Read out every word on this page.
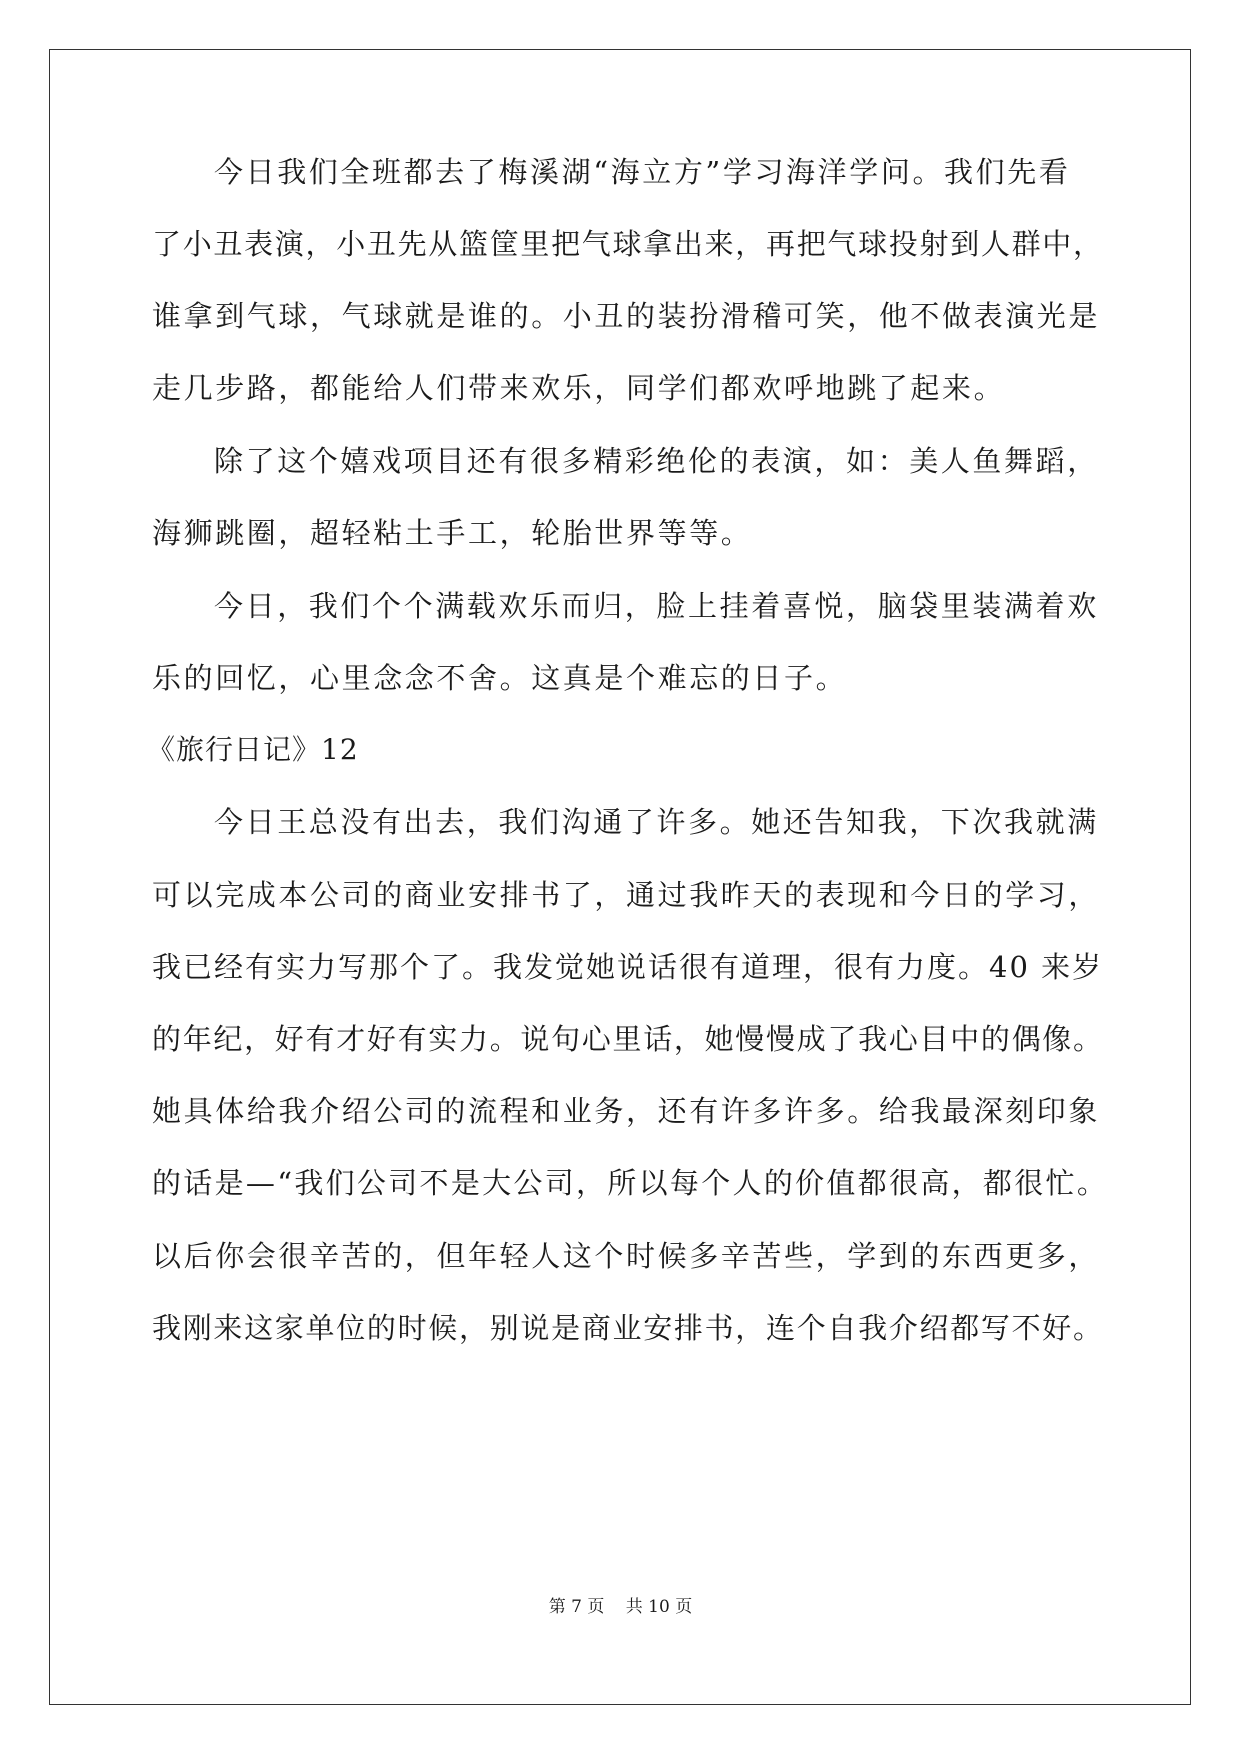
今日我们全班都去了梅溪湖“海立方”学习海洋学问。我们先看
了小丑表演，小丑先从篮筐里把气球拿出来，再把气球投射到人群中，
谁拿到气球，气球就是谁的。小丑的装扮滑稽可笑，他不做表演光是
走几步路，都能给人们带来欢乐，同学们都欢呼地跳了起来。
除了这个嬉戏项目还有很多精彩绝伦的表演，如：美人鱼舞蹈，
海狮跳圈，超轻粘土手工，轮胎世界等等。
今日，我们个个满载欢乐而归，脸上挂着喜悦，脑袋里装满着欢
乐的回忆，心里念念不舍。这真是个难忘的日子。
《旅行日记》12
今日王总没有出去，我们沟通了许多。她还告知我，下次我就满
可以完成本公司的商业安排书了，通过我昨天的表现和今日的学习，
我已经有实力写那个了。我发觉她说话很有道理，很有力度。40 来岁
的年纪，好有才好有实力。说句心里话，她慢慢成了我心目中的偶像。
她具体给我介绍公司的流程和业务，还有许多许多。给我最深刻印象
的话是—“我们公司不是大公司，所以每个人的价值都很高，都很忙。
以后你会很辛苦的，但年轻人这个时候多辛苦些，学到的东西更多，
我刚来这家单位的时候，别说是商业安排书，连个自我介绍都写不好。
第 7 页 共 10 页
